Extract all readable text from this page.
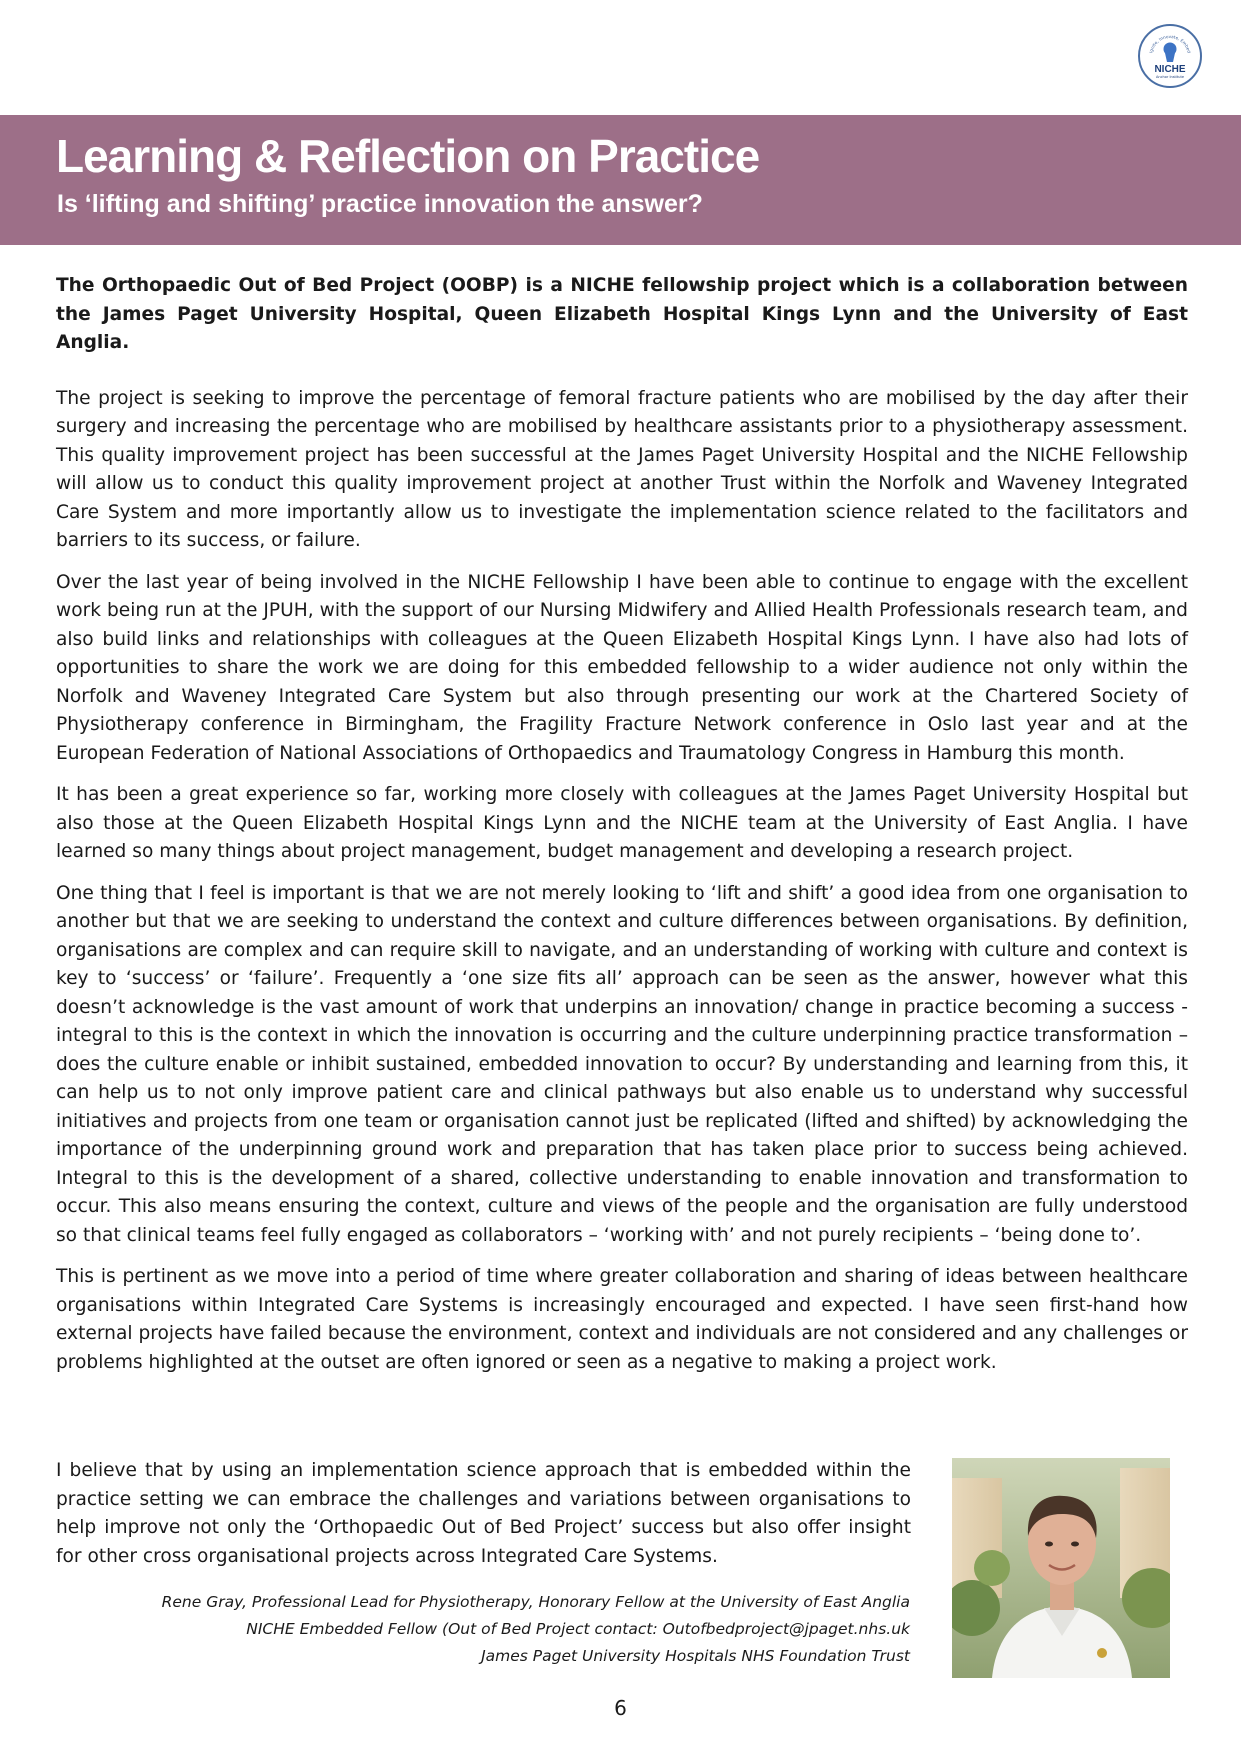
Ignite, Innovate, Embed
NICHE
Anchor Institute
Learning & Reflection on Practice
Is ‘lifting and shifting’ practice innovation the answer?

The Orthopaedic Out of Bed Project (OOBP) is a NICHE fellowship project which is a collaboration between the James Paget University Hospital, Queen Elizabeth Hospital Kings Lynn and the University of East Anglia.

The project is seeking to improve the percentage of femoral fracture patients who are mobilised by the day after their surgery and increasing the percentage who are mobilised by healthcare assistants prior to a physiotherapy assessment. This quality improvement project has been successful at the James Paget University Hospital and the NICHE Fellowship will allow us to conduct this quality improvement project at another Trust within the Norfolk and Waveney Integrated Care System and more importantly allow us to investigate the implementation science related to the facilitators and barriers to its success, or failure.

Over the last year of being involved in the NICHE Fellowship I have been able to continue to engage with the excellent work being run at the JPUH, with the support of our Nursing Midwifery and Allied Health Professionals research team, and also build links and relationships with colleagues at the Queen Elizabeth Hospital Kings Lynn. I have also had lots of opportunities to share the work we are doing for this embedded fellowship to a wider audience not only within the Norfolk and Waveney Integrated Care System but also through presenting our work at the Chartered Society of Physiotherapy conference in Birmingham, the Fragility Fracture Network conference in Oslo last year and at the European Federation of National Associations of Orthopaedics and Traumatology Congress in Hamburg this month.

It has been a great experience so far, working more closely with colleagues at the James Paget University Hospital but also those at the Queen Elizabeth Hospital Kings Lynn and the NICHE team at the University of East Anglia. I have learned so many things about project management, budget management and developing a research project.

One thing that I feel is important is that we are not merely looking to ‘lift and shift’ a good idea from one organisation to another but that we are seeking to understand the context and culture differences between organisations. By definition, organisations are complex and can require skill to navigate, and an understanding of working with culture and context is key to ‘success’ or ‘failure’. Frequently a ‘one size fits all’ approach can be seen as the answer, however what this doesn’t acknowledge is the vast amount of work that underpins an innovation/ change in practice becoming a success - integral to this is the context in which the innovation is occurring and the culture underpinning practice transformation – does the culture enable or inhibit sustained, embedded innovation to occur? By understanding and learning from this, it can help us to not only improve patient care and clinical pathways but also enable us to understand why successful initiatives and projects from one team or organisation cannot just be replicated (lifted and shifted) by acknowledging the importance of the underpinning ground work and preparation that has taken place prior to success being achieved. Integral to this is the development of a shared, collective understanding to enable innovation and transformation to occur. This also means ensuring the context, culture and views of the people and the organisation are fully understood so that clinical teams feel fully engaged as collaborators – ‘working with’ and not purely recipients – ‘being done to’.

This is pertinent as we move into a period of time where greater collaboration and sharing of ideas between healthcare organisations within Integrated Care Systems is increasingly encouraged and expected. I have seen first-hand how external projects have failed because the environment, context and individuals are not considered and any challenges or problems highlighted at the outset are often ignored or seen as a negative to making a project work.

I believe that by using an implementation science approach that is embedded within the practice setting we can embrace the challenges and variations between organisations to help improve not only the ‘Orthopaedic Out of Bed Project’ success but also offer insight for other cross organisational projects across Integrated Care Systems.

Rene Gray, Professional Lead for Physiotherapy, Honorary Fellow at the University of East Anglia
NICHE Embedded Fellow (Out of Bed Project contact: Outofbedproject@jpaget.nhs.uk
James Paget University Hospitals NHS Foundation Trust
6
